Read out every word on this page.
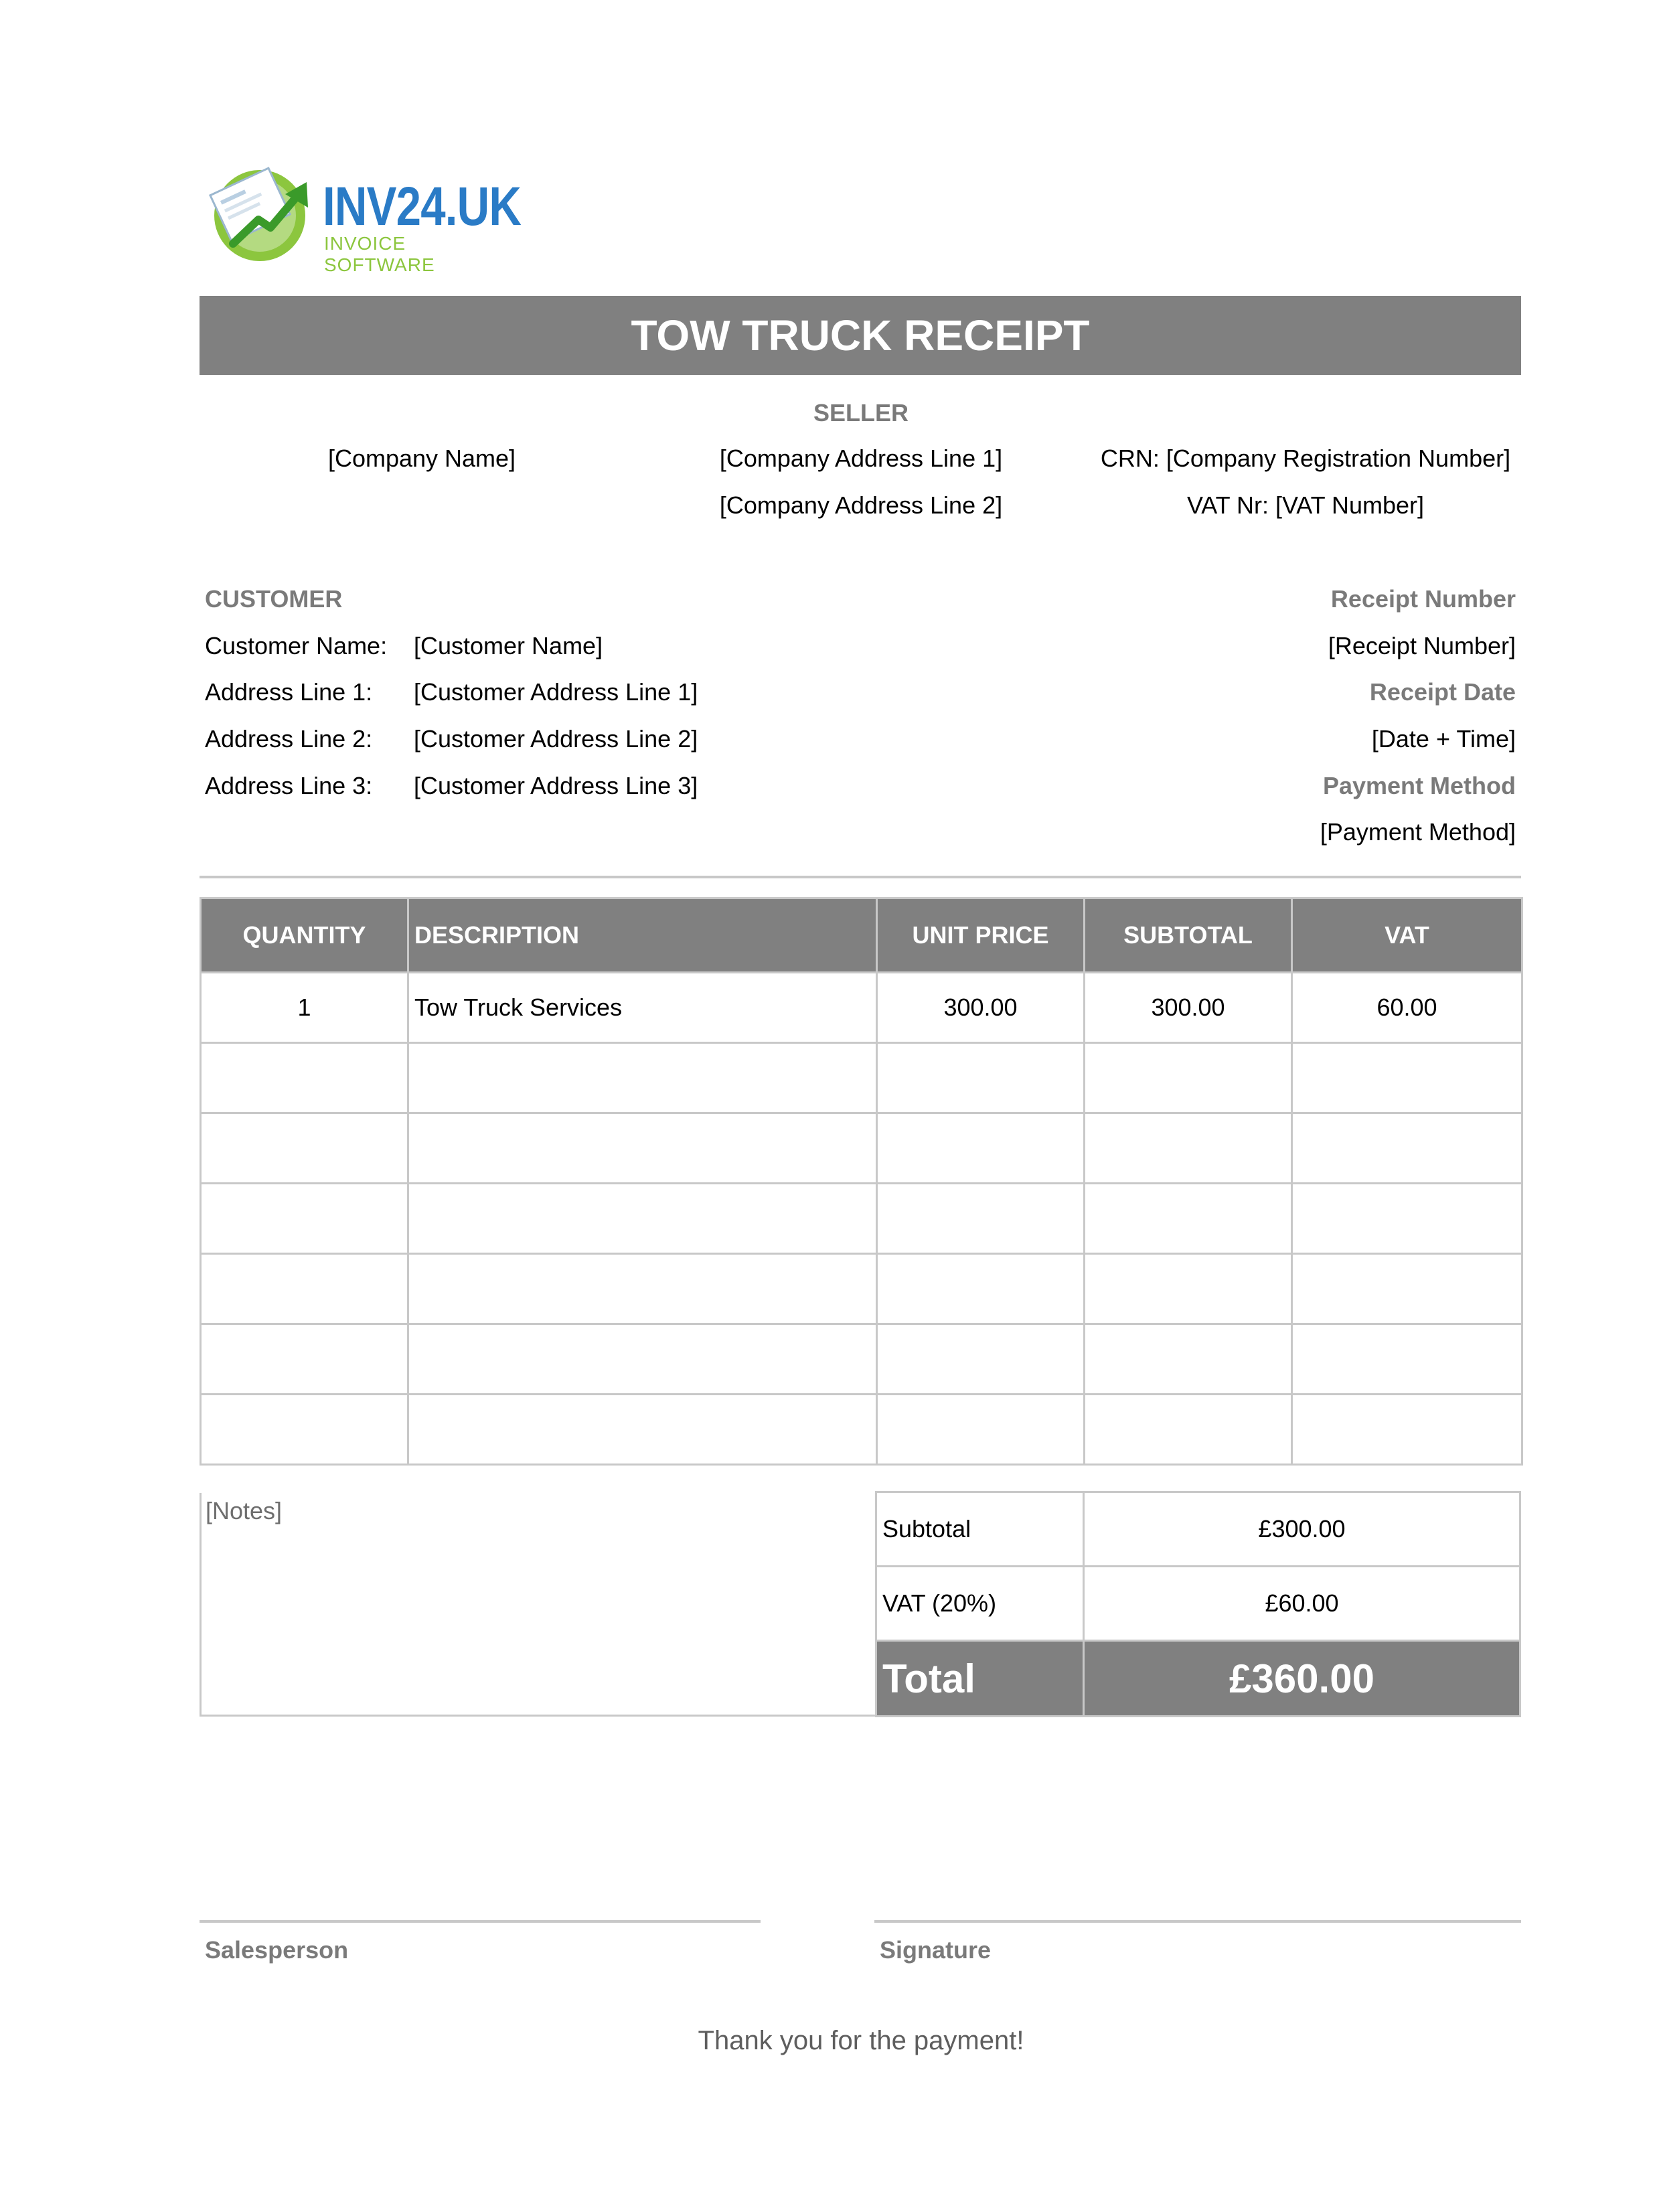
INV24.UK
INVOICE SOFTWARE
TOW TRUCK RECEIPT
SELLER
[Company Name]	[Company Address Line 1]
[Company Address Line 2]
CRN: [Company Registration Number]
VAT Nr: [VAT Number]
CUSTOMER
Customer Name: [Customer Name]
Address Line 1: [Customer Address Line 1]
Address Line 2: [Customer Address Line 2]
Address Line 3: [Customer Address Line 3]
Receipt Number
[Receipt Number]
Receipt Date
[Date + Time]
Payment Method
[Payment Method]
QUANTITY	DESCRIPTION	UNIT PRICE	SUBTOTAL	VAT
1	Tow Truck Services	300.00	300.00	60.00

[Notes]
Subtotal	£300.00
VAT (20%)	£60.00
Total	£360.00
Salesperson	Signature
Thank you for the payment!
